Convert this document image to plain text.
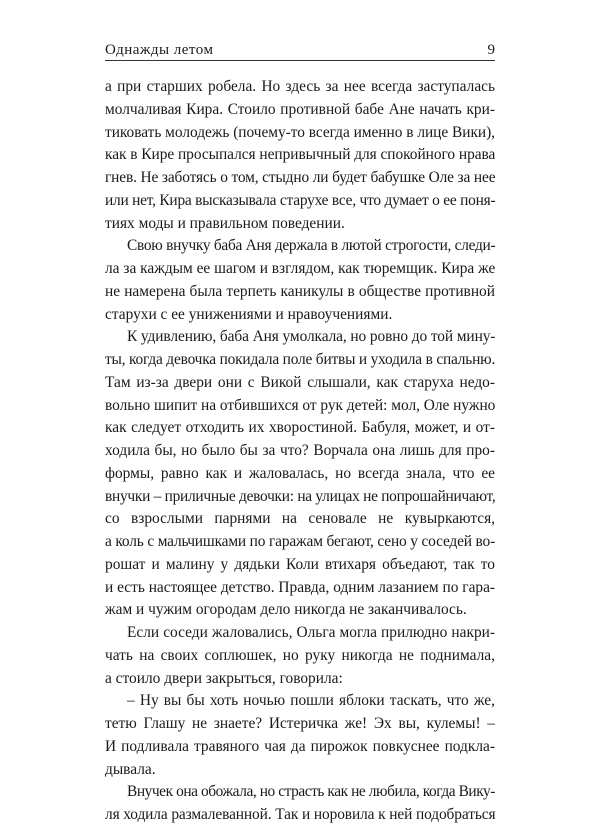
Однажды летом	9
а при старших робела. Но здесь за нее всегда заступалась
молчаливая Кира. Стоило противной бабе Ане начать кри-
тиковать молодежь (почему-то всегда именно в лице Вики),
как в Кире просыпался непривычный для спокойного нрава
гнев. Не заботясь о том, стыдно ли будет бабушке Оле за нее
или нет, Кира высказывала старухе все, что думает о ее поня-
тиях моды и правильном поведении.
Свою внучку баба Аня держала в лютой строгости, следи-
ла за каждым ее шагом и взглядом, как тюремщик. Кира же
не намерена была терпеть каникулы в обществе противной
старухи с ее унижениями и нравоучениями.
К удивлению, баба Аня умолкала, но ровно до той мину-
ты, когда девочка покидала поле битвы и уходила в спальню.
Там из-за двери они с Викой слышали, как старуха недо-
вольно шипит на отбившихся от рук детей: мол, Оле нужно
как следует отходить их хворостиной. Бабуля, может, и от-
ходила бы, но было бы за что? Ворчала она лишь для про-
формы, равно как и жаловалась, но всегда знала, что ее
внучки – приличные девочки: на улицах не попрошайничают,
со взрослыми парнями на сеновале не кувыркаются,
а коль с мальчишками по гаражам бегают, сено у соседей во-
рошат и малину у дядьки Коли втихаря объедают, так то
и есть настоящее детство. Правда, одним лазанием по гара-
жам и чужим огородам дело никогда не заканчивалось.
Если соседи жаловались, Ольга могла прилюдно накри-
чать на своих соплюшек, но руку никогда не поднимала,
а стоило двери закрыться, говорила:
– Ну вы бы хоть ночью пошли яблоки таскать, что же,
тетю Глашу не знаете? Истеричка же! Эх вы, кулемы! –
И подливала травяного чая да пирожок повкуснее подкла-
дывала.
Внучек она обожала, но страсть как не любила, когда Вику-
ля ходила размалеванной. Так и норовила к ней подобраться
